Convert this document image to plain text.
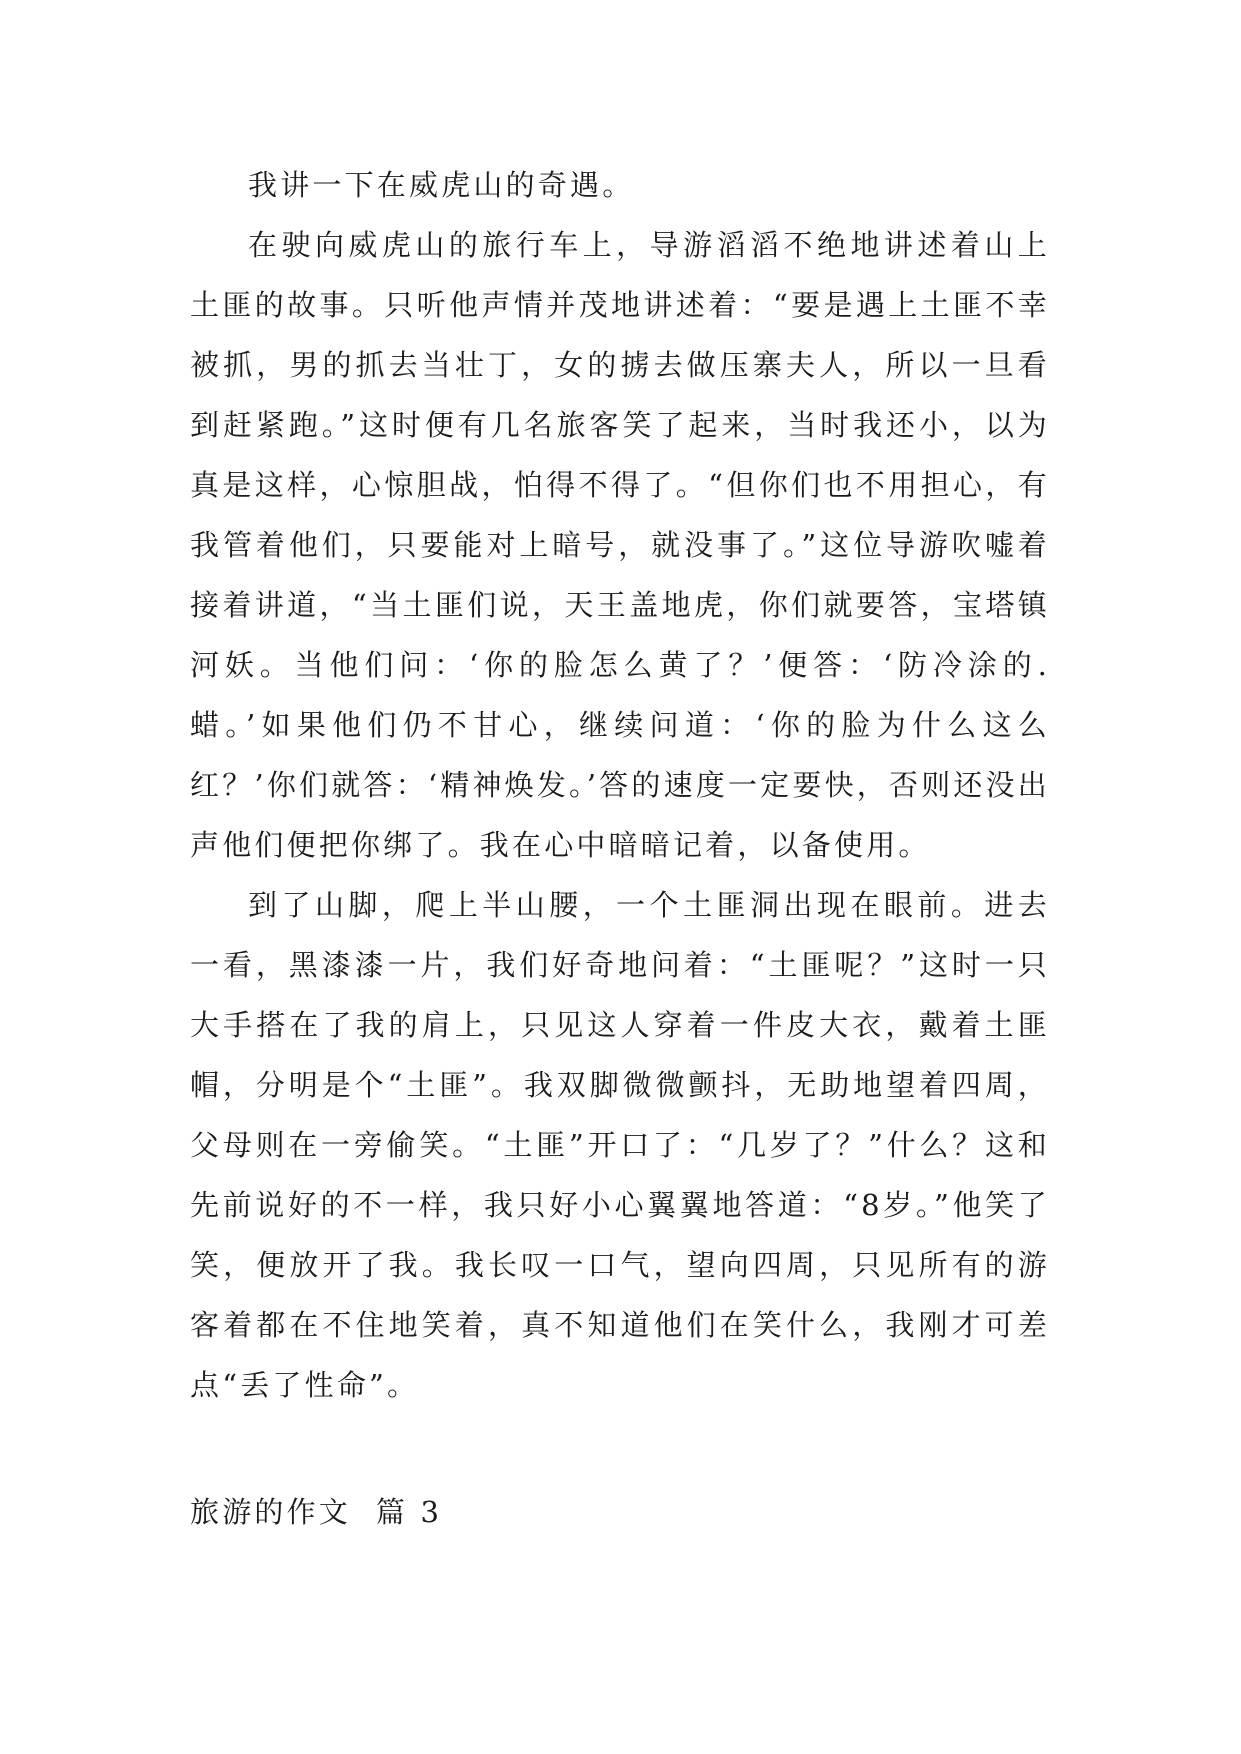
我讲一下在威虎山的奇遇。

在驶向威虎山的旅行车上，导游滔滔不绝地讲述着山上土匪的故事。只听他声情并茂地讲述着：“要是遇上土匪不幸被抓，男的抓去当壮丁，女的掳去做压寨夫人，所以一旦看到赶紧跑。”这时便有几名旅客笑了起来，当时我还小，以为真是这样，心惊胆战，怕得不得了。“但你们也不用担心，有我管着他们，只要能对上暗号，就没事了。”这位导游吹嘘着接着讲道，“当土匪们说，天王盖地虎，你们就要答，宝塔镇河妖。当他们问：‘你的脸怎么黄了？’便答：‘防冷涂的.蜡。’如果他们仍不甘心，继续问道：‘你的脸为什么这么红？’你们就答：‘精神焕发。’答的速度一定要快，否则还没出声他们便把你绑了。我在心中暗暗记着，以备使用。

到了山脚，爬上半山腰，一个土匪洞出现在眼前。进去一看，黑漆漆一片，我们好奇地问着：“土匪呢？”这时一只大手搭在了我的肩上，只见这人穿着一件皮大衣，戴着土匪帽，分明是个“土匪”。我双脚微微颤抖，无助地望着四周，父母则在一旁偷笑。“土匪”开口了：“几岁了？”什么？这和先前说好的不一样，我只好小心翼翼地答道：“8岁。”他笑了笑，便放开了我。我长叹一口气，望向四周，只见所有的游客着都在不住地笑着，真不知道他们在笑什么，我刚才可差点“丢了性命”。

旅游的作文  篇 3
